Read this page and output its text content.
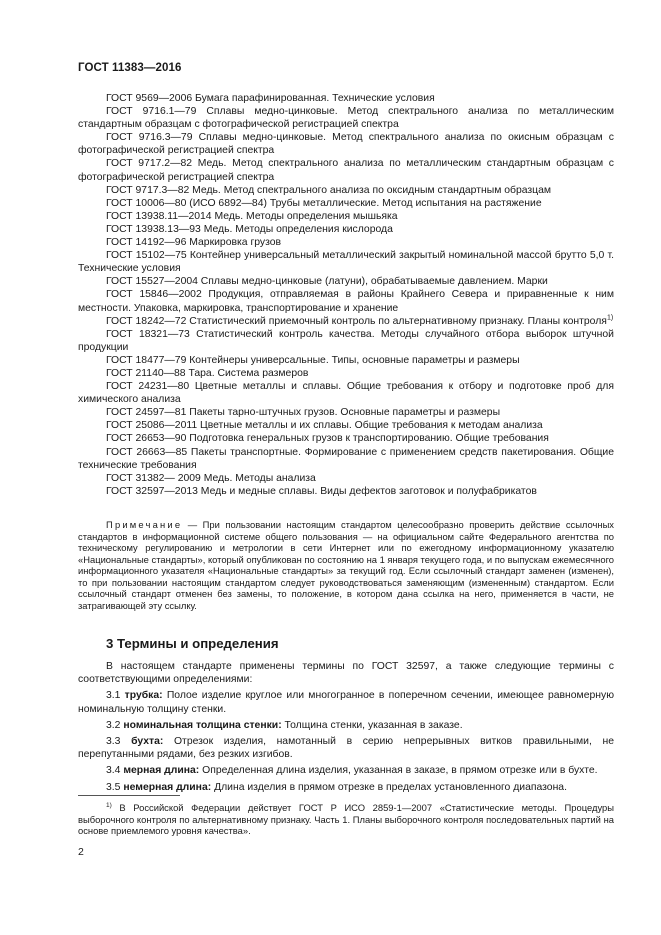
ГОСТ 11383—2016

ГОСТ 9569—2006 Бумага парафинированная. Технические условия

ГОСТ 9716.1—79 Сплавы медно-цинковые. Метод спектрального анализа по металлическим стандартным образцам с фотографической регистрацией спектра

ГОСТ 9716.3—79 Сплавы медно-цинковые. Метод спектрального анализа по окисным образцам с фотографической регистрацией спектра

ГОСТ 9717.2—82 Медь. Метод спектрального анализа по металлическим стандартным образцам с фотографической регистрацией спектра

ГОСТ 9717.3—82 Медь. Метод спектрального анализа по оксидным стандартным образцам

ГОСТ 10006—80 (ИСО 6892—84) Трубы металлические. Метод испытания на растяжение

ГОСТ 13938.11—2014 Медь. Методы определения мышьяка

ГОСТ 13938.13—93 Медь. Методы определения кислорода

ГОСТ 14192—96 Маркировка грузов

ГОСТ 15102—75 Контейнер универсальный металлический закрытый номинальной массой брутто 5,0 т. Технические условия

ГОСТ 15527—2004 Сплавы медно-цинковые (латуни), обрабатываемые давлением. Марки

ГОСТ 15846—2002 Продукция, отправляемая в районы Крайнего Севера и приравненные к ним местности. Упаковка, маркировка, транспортирование и хранение

ГОСТ 18242—72 Статистический приемочный контроль по альтернативному признаку. Планы контроля$^{1)}$

ГОСТ 18321—73 Статистический контроль качества. Методы случайного отбора выборок штучной продукции

ГОСТ 18477—79 Контейнеры универсальные. Типы, основные параметры и размеры

ГОСТ 21140—88 Тара. Система размеров

ГОСТ 24231—80 Цветные металлы и сплавы. Общие требования к отбору и подготовке проб для химического анализа

ГОСТ 24597—81 Пакеты тарно-штучных грузов. Основные параметры и размеры

ГОСТ 25086—2011 Цветные металлы и их сплавы. Общие требования к методам анализа

ГОСТ 26653—90 Подготовка генеральных грузов к транспортированию. Общие требования

ГОСТ 26663—85 Пакеты транспортные. Формирование с применением средств пакетирования. Общие технические требования

ГОСТ 31382— 2009 Медь. Методы анализа

ГОСТ 32597—2013 Медь и медные сплавы. Виды дефектов заготовок и полуфабрикатов

Примечание — При пользовании настоящим стандартом целесообразно проверить действие ссылочных стандартов в информационной системе общего пользования — на официальном сайте Федерального агентства по техническому регулированию и метрологии в сети Интернет или по ежегодному информационному указателю «Национальные стандарты», который опубликован по состоянию на 1 января текущего года, и по выпускам ежемесячного информационного указателя «Национальные стандарты» за текущий год. Если ссылочный стандарт заменен (изменен), то при пользовании настоящим стандартом следует руководствоваться заменяющим (измененным) стандартом. Если ссылочный стандарт отменен без замены, то положение, в котором дана ссылка на него, применяется в части, не затрагивающей эту ссылку.
3 Термины и определения

В настоящем стандарте применены термины по ГОСТ 32597, а также следующие термины с соответствующими определениями:

3.1 трубка: Полое изделие круглое или многогранное в поперечном сечении, имеющее равномерную номинальную толщину стенки.

3.2 номинальная толщина стенки: Толщина стенки, указанная в заказе.

3.3 бухта: Отрезок изделия, намотанный в серию непрерывных витков правильными, не перепутанными рядами, без резких изгибов.

3.4 мерная длина: Определенная длина изделия, указанная в заказе, в прямом отрезке или в бухте.

3.5 немерная длина: Длина изделия в прямом отрезке в пределах установленного диапазона.

$^{1)}$ В Российской Федерации действует ГОСТ Р ИСО 2859-1—2007 «Статистические методы. Процедуры выборочного контроля по альтернативному признаку. Часть 1. Планы выборочного контроля последовательных партий на основе приемлемого уровня качества».
2
